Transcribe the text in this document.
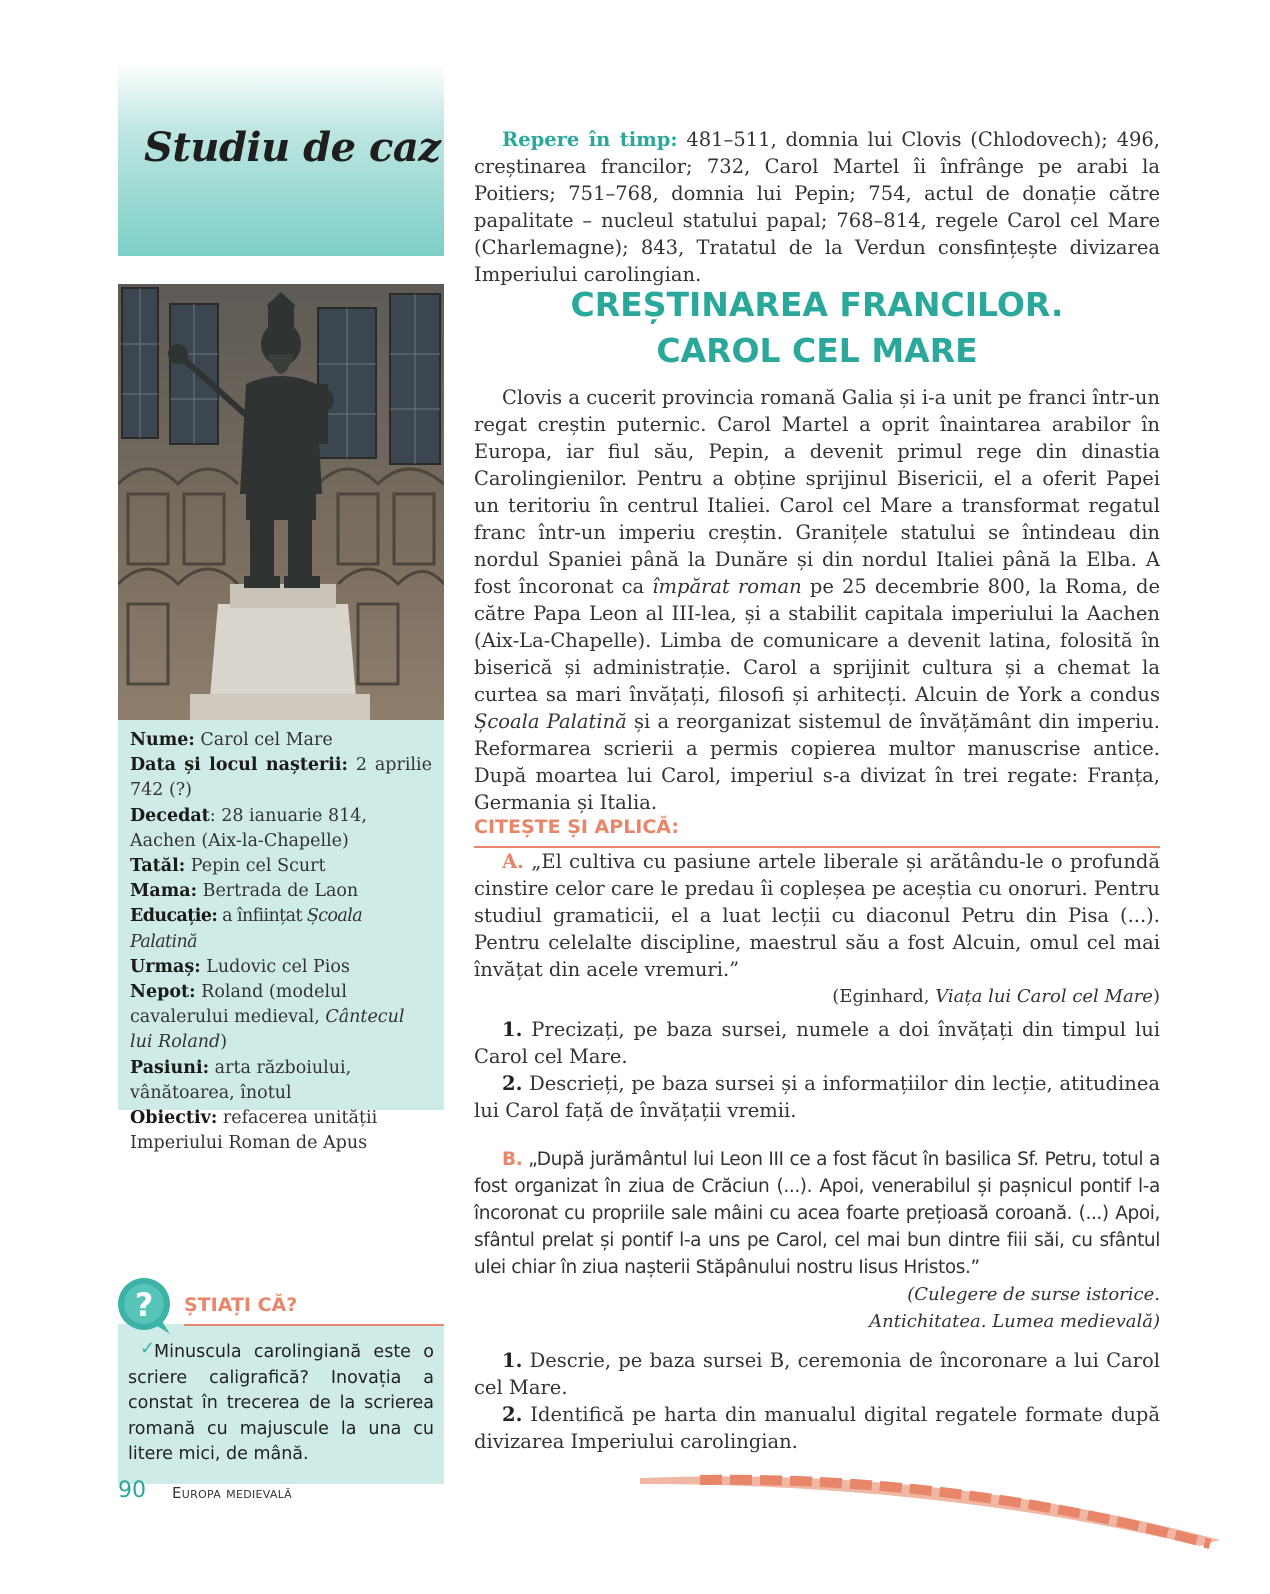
Studiu de caz

Nume: Carol cel Mare

Data și locul nașterii: 2 aprilie 742 (?)

Decedat: 28 ianuarie 814, Aachen (Aix-la-Chapelle)

Tatăl: Pepin cel Scurt

Mama: Bertrada de Laon

Educație: a înființat Școala Palatină

Urmaș: Ludovic cel Pios

Nepot: Roland (modelul cavalerului medieval, Cântecul lui Roland)

Pasiuni: arta războiului, vânătoarea, înotul

Obiectiv: refacerea unității Imperiului Roman de Apus

ȘTIAȚI CĂ?
?
✓
Minuscula carolingiană este o scriere caligrafică? Inovația a constat în trecerea de la scrierea romană cu majuscule la una cu litere mici, de mână.
Repere în timp: 481–511, domnia lui Clovis (Chlodovech); 496, creștinarea francilor; 732, Carol Martel îi înfrânge pe arabi la Poitiers; 751–768, domnia lui Pepin; 754, actul de donație către papalitate – nucleul statului papal; 768–814, regele Carol cel Mare (Charlemagne); 843, Tratatul de la Verdun consfințește divizarea Imperiului carolingian.
CREȘTINAREA FRANCILOR.
CAROL CEL MARE
Clovis a cucerit provincia romană Galia și i-a unit pe franci într-un regat creștin puternic. Carol Martel a oprit înaintarea arabilor în Europa, iar fiul său, Pepin, a devenit primul rege din dinastia Carolingienilor. Pentru a obține sprijinul Bisericii, el a oferit Papei un teritoriu în centrul Italiei. Carol cel Mare a transformat regatul franc într-un imperiu creștin. Granițele statului se întindeau din nordul Spaniei până la Dunăre și din nordul Italiei până la Elba. A fost încoronat ca împărat roman pe 25 decembrie 800, la Roma, de către Papa Leon al III-lea, și a stabilit capitala imperiului la Aachen (Aix-La-Chapelle). Limba de comunicare a devenit latina, folosită în biserică și administrație. Carol a sprijinit cultura și a chemat la curtea sa mari învățați, filosofi și arhitecți. Alcuin de York a condus Școala Palatină și a reorganizat sistemul de învățământ din imperiu. Reformarea scrierii a permis copierea multor manuscrise antice. După moartea lui Carol, imperiul s-a divizat în trei regate: Franța, Germania și Italia.
CITEȘTE ȘI APLICĂ:
A. „El cultiva cu pasiune artele liberale și arătându-le o profundă cinstire celor care le predau îi copleșea pe aceștia cu onoruri. Pentru studiul gramaticii, el a luat lecții cu diaconul Petru din Pisa (...). Pentru celelalte discipline, maestrul său a fost Alcuin, omul cel mai învățat din acele vremuri.”
(Eginhard, Viața lui Carol cel Mare)
1. Precizați, pe baza sursei, numele a doi învățați din timpul lui Carol cel Mare.
2. Descrieți, pe baza sursei și a informațiilor din lecție, atitudinea lui Carol față de învățații vremii.
B. „După jurământul lui Leon III ce a fost făcut în basilica Sf. Petru, totul a fost organizat în ziua de Crăciun (...). Apoi, venerabilul și pașnicul pontif l-a încoronat cu propriile sale mâini cu acea foarte prețioasă coroană. (...) Apoi, sfântul prelat și pontif l-a uns pe Carol, cel mai bun dintre fiii săi, cu sfântul ulei chiar în ziua nașterii Stăpânului nostru Iisus Hristos.”
(Culegere de surse istorice.
Antichitatea. Lumea medievală)
1. Descrie, pe baza sursei B, ceremonia de încoronare a lui Carol cel Mare.
2. Identifică pe harta din manualul digital regatele formate după divizarea Imperiului carolingian.
90 Europa medievală
